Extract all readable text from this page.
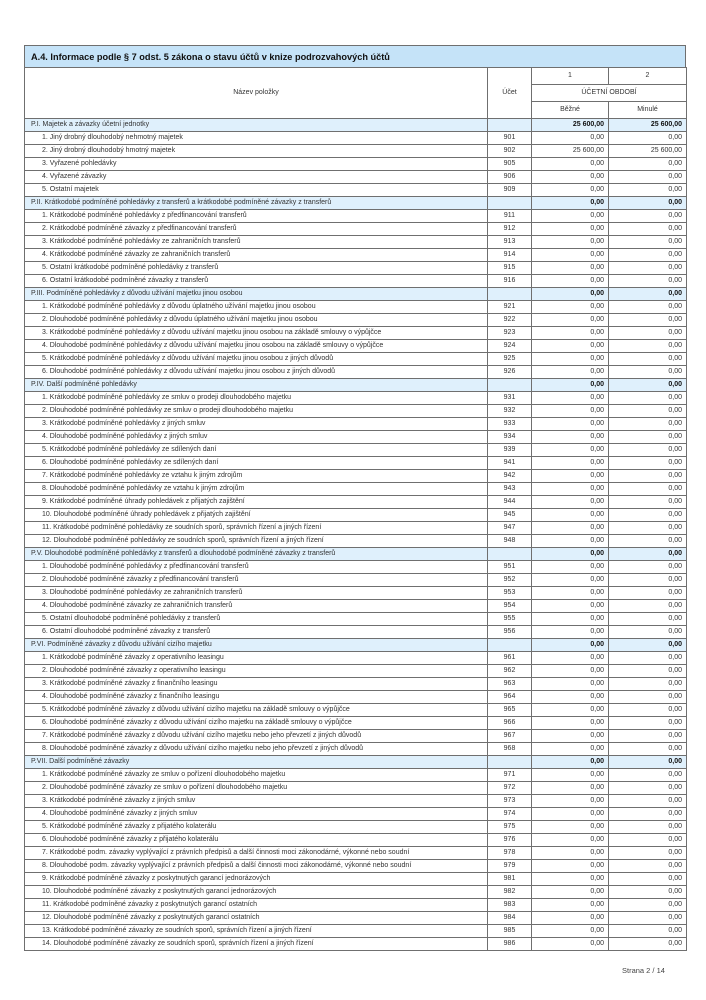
A.4. Informace podle § 7 odst. 5 zákona o stavu účtů v knize podrozvahových účtů
Název položky	Účet	1	2
		ÚČETNÍ OBDOBÍ	
		Běžné	Minulé
P.I. Majetek a závazky účetní jednotky		25 600,00	25 600,00
1. Jiný drobný dlouhodobý nehmotný majetek	901	0,00	0,00
2. Jiný drobný dlouhodobý hmotný majetek	902	25 600,00	25 600,00
3. Vyřazené pohledávky	905	0,00	0,00
4. Vyřazené závazky	906	0,00	0,00
5. Ostatní majetek	909	0,00	0,00
P.II. Krátkodobé podmíněné pohledávky z transferů a krátkodobé podmíněné závazky z transferů		0,00	0,00
1. Krátkodobé podmíněné pohledávky z předfinancování transferů	911	0,00	0,00
2. Krátkodobé podmíněné závazky z předfinancování transferů	912	0,00	0,00
3. Krátkodobé podmíněné pohledávky ze zahraničních transferů	913	0,00	0,00
4. Krátkodobé podmíněné závazky ze zahraničních transferů	914	0,00	0,00
5. Ostatní krátkodobé podmíněné pohledávky z transferů	915	0,00	0,00
6. Ostatní krátkodobé podmíněné závazky z transferů	916	0,00	0,00
P.III. Podmíněné pohledávky z důvodu užívání majetku jinou osobou		0,00	0,00
1. Krátkodobé podmíněné pohledávky z důvodu úplatného užívání majetku jinou osobou	921	0,00	0,00
2. Dlouhodobé podmíněné pohledávky z důvodu úplatného užívání majetku jinou osobou	922	0,00	0,00
3. Krátkodobé podmíněné pohledávky z důvodu užívání majetku jinou osobou na základě smlouvy o výpůjčce	923	0,00	0,00
4. Dlouhodobé podmíněné pohledávky z důvodu užívání majetku jinou osobou na základě smlouvy o výpůjčce	924	0,00	0,00
5. Krátkodobé podmíněné pohledávky z důvodu užívání majetku jinou osobou z jiných důvodů	925	0,00	0,00
6. Dlouhodobé podmíněné pohledávky z důvodu užívání majetku jinou osobou z jiných důvodů	926	0,00	0,00
P.IV. Další podmíněné pohledávky		0,00	0,00
1. Krátkodobé podmíněné pohledávky ze smluv o prodeji dlouhodobého majetku	931	0,00	0,00
2. Dlouhodobé podmíněné pohledávky ze smluv o prodeji dlouhodobého majetku	932	0,00	0,00
3. Krátkodobé podmíněné pohledávky z jiných smluv	933	0,00	0,00
4. Dlouhodobé podmíněné pohledávky z jiných smluv	934	0,00	0,00
5. Krátkodobé podmíněné pohledávky ze sdílených daní	939	0,00	0,00
6. Dlouhodobé podmíněné pohledávky ze sdílených daní	941	0,00	0,00
7. Krátkodobé podmíněné pohledávky ze vztahu k jiným zdrojům	942	0,00	0,00
8. Dlouhodobé podmíněné pohledávky ze vztahu k jiným zdrojům	943	0,00	0,00
9. Krátkodobé podmíněné úhrady pohledávek z přijatých zajištění	944	0,00	0,00
10. Dlouhodobé podmíněné úhrady pohledávek z přijatých zajištění	945	0,00	0,00
11. Krátkodobé podmíněné pohledávky ze soudních sporů, správních řízení a jiných řízení	947	0,00	0,00
12. Dlouhodobé podmíněné pohledávky ze soudních sporů, správních řízení a jiných řízení	948	0,00	0,00
P.V. Dlouhodobé podmíněné pohledávky z transferů a dlouhodobé podmíněné závazky z transferů		0,00	0,00
1. Dlouhodobé podmíněné pohledávky z předfinancování transferů	951	0,00	0,00
2. Dlouhodobé podmíněné závazky z předfinancování transferů	952	0,00	0,00
3. Dlouhodobé podmíněné pohledávky ze zahraničních transferů	953	0,00	0,00
4. Dlouhodobé podmíněné závazky ze zahraničních transferů	954	0,00	0,00
5. Ostatní dlouhodobé podmíněné pohledávky z transferů	955	0,00	0,00
6. Ostatní dlouhodobé podmíněné závazky z transferů	956	0,00	0,00
P.VI. Podmíněné závazky z důvodu užívání cizího majetku		0,00	0,00
1. Krátkodobé podmíněné závazky z operativního leasingu	961	0,00	0,00
2. Dlouhodobé podmíněné závazky z operativního leasingu	962	0,00	0,00
3. Krátkodobé podmíněné závazky z finančního leasingu	963	0,00	0,00
4. Dlouhodobé podmíněné závazky z finančního leasingu	964	0,00	0,00
5. Krátkodobé podmíněné závazky z důvodu užívání cizího majetku na základě smlouvy o výpůjčce	965	0,00	0,00
6. Dlouhodobé podmíněné závazky z důvodu užívání cizího majetku na základě smlouvy o výpůjčce	966	0,00	0,00
7. Krátkodobé podmíněné závazky z důvodu užívání cizího majetku nebo jeho převzetí z jiných důvodů	967	0,00	0,00
8. Dlouhodobé podmíněné závazky z důvodu užívání cizího majetku nebo jeho převzetí z jiných důvodů	968	0,00	0,00
P.VII. Další podmíněné závazky		0,00	0,00
1. Krátkodobé podmíněné závazky ze smluv o pořízení dlouhodobého majetku	971	0,00	0,00
2. Dlouhodobé podmíněné závazky ze smluv o pořízení dlouhodobého majetku	972	0,00	0,00
3. Krátkodobé podmíněné závazky z jiných smluv	973	0,00	0,00
4. Dlouhodobé podmíněné závazky z jiných smluv	974	0,00	0,00
5. Krátkodobé podmíněné závazky z přijatého kolaterálu	975	0,00	0,00
6. Dlouhodobé podmíněné závazky z přijatého kolaterálu	976	0,00	0,00
7. Krátkodobé podm. závazky vyplývající z právních předpisů a další činnosti moci zákonodárné, výkonné nebo soudní	978	0,00	0,00
8. Dlouhodobé podm. závazky vyplývající z právních předpisů a další činnosti moci zákonodárné, výkonné nebo soudní	979	0,00	0,00
9. Krátkodobé podmíněné závazky z poskytnutých garancí jednorázových	981	0,00	0,00
10. Dlouhodobé podmíněné závazky z poskytnutých garancí jednorázových	982	0,00	0,00
11. Krátkodobé podmíněné závazky z poskytnutých garancí ostatních	983	0,00	0,00
12. Dlouhodobé podmíněné závazky z poskytnutých garancí ostatních	984	0,00	0,00
13. Krátkodobé podmíněné závazky ze soudních sporů, správních řízení a jiných řízení	985	0,00	0,00
14. Dlouhodobé podmíněné závazky ze soudních sporů, správních řízení a jiných řízení	986	0,00	0,00
Strana 2 / 14
